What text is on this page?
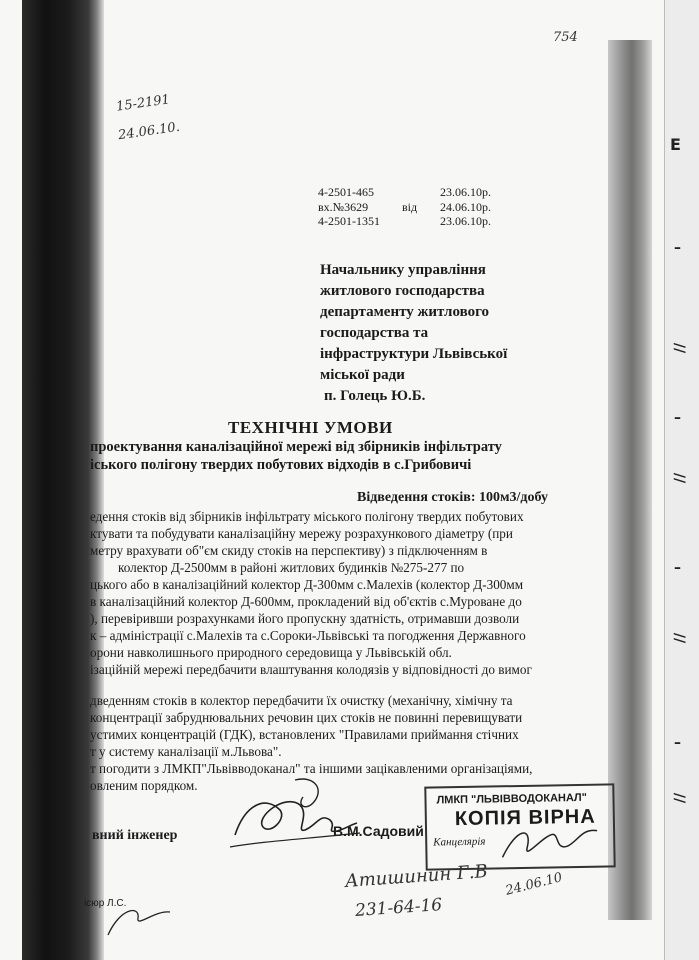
Е
–
//
–
//
–
//
–
//
754
15-2191
24.06.10.
4-2501-465	23.06.10р.
вх.№3629	від 24.06.10р.
4-2501-1351	23.06.10р.
Начальнику управління
житлового господарства
департаменту житлового
господарства та
інфраструктури Львівської
міської ради
п. Голець Ю.Б.
ТЕХНІЧНІ УМОВИ
проектування каналізаційної мережі від збірників інфільтрату
іського полігону твердих побутових відходів в с.Грибовичі
Відведення стоків: 100м3/добу
едення стоків від збірників інфільтрату міського полігону твердих побутових
ктувати та побудувати каналізаційну мережу розрахункового діаметру (при
метру врахувати об"єм скиду стоків на перспективу) з підключенням в
колектор Д-2500мм в районі житлових будинків №275-277 по
цького або в каналізаційний колектор Д-300мм с.Малехів (колектор Д-300мм
в каналізаційний колектор Д-600мм, прокладений від об'єктів с.Муроване до
), перевіривши розрахунками його пропускну здатність, отримавши дозволи
к – адміністрації с.Малехів та с.Сороки-Львівські та погодження Державного
орони навколишнього природного середовища у Львівській обл.
ізаційній мережі передбачити влаштування колодязів у відповідності до вимог
дведенням стоків в колектор передбачити їх очистку (механічну, хімічну та
концентрації забруднювальних речовин цих стоків не повинні перевищувати
устимих концентрацій (ГДК), встановлених "Правилами приймання стічних
т у систему каналізації м.Львова".
т погодити з ЛМКП"Львівводоканал" та іншими зацікавленими організаціями,
овленим порядком.
вний інженер	В.М.Садовий
ЛМКП "ЛЬВІВВОДОКАНАЛ"
КОПІЯ ВІРНА
Канцелярія
Атишинин Г.В
231-64-16
24.06.10
ісюр Л.С.
